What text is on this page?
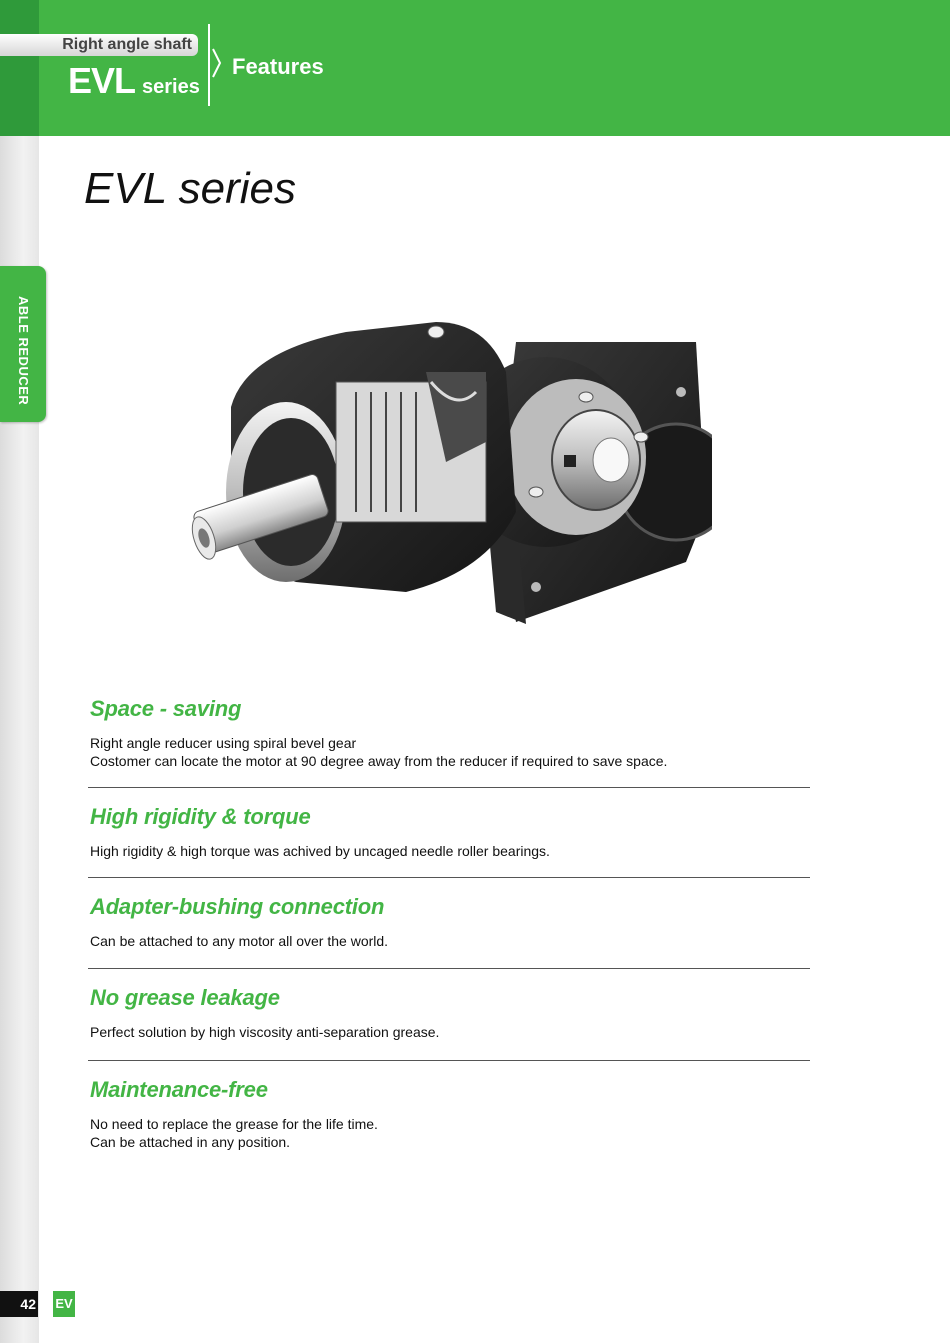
Right angle shaft
EVL series
Features
EVL series
ABLE REDUCER
Space - saving

Right angle reducer using spiral bevel gear

Costomer can locate the motor at 90 degree away from the reducer if required to save space.

High rigidity & torque

High rigidity & high torque was achived by uncaged needle roller bearings.

Adapter-bushing connection

Can be attached to any motor all over the world.

No grease leakage

Perfect solution by high viscosity anti-separation grease.

Maintenance-free

No need to replace the grease for the life time.

Can be attached in any position.

42 EV
